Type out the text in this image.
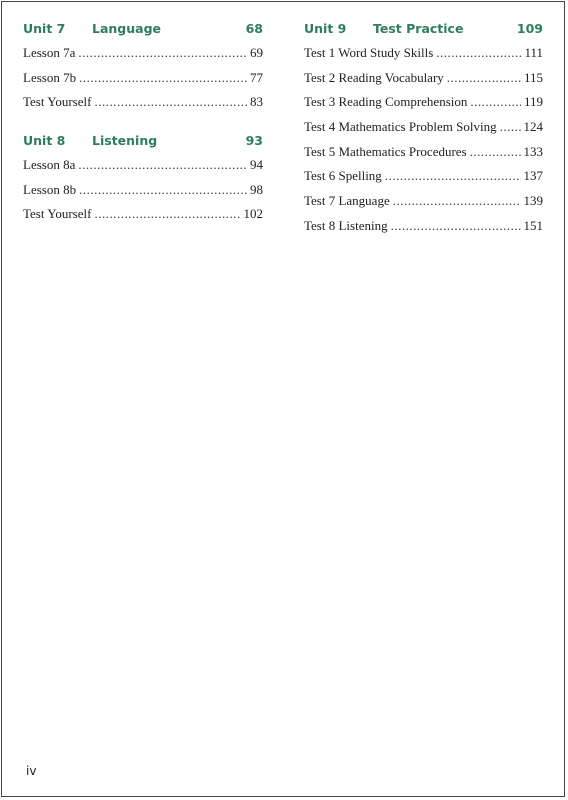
Unit 7 Language	68
Lesson 7a .....	69
Lesson 7b .....	77
Test Yourself .....	83
Unit 8 Listening	93
Lesson 8a .....	94
Lesson 8b .....	98
Test Yourself .....	102
Unit 9 Test Practice	109
Test 1 Word Study Skills .....	111
Test 2 Reading Vocabulary .....	115
Test 3 Reading Comprehension .....	119
Test 4 Mathematics Problem Solving ..... 124
Test 5 Mathematics Procedures .....	133
Test 6 Spelling .....	137
Test 7 Language .....	139
Test 8 Listening .....	151
iv
